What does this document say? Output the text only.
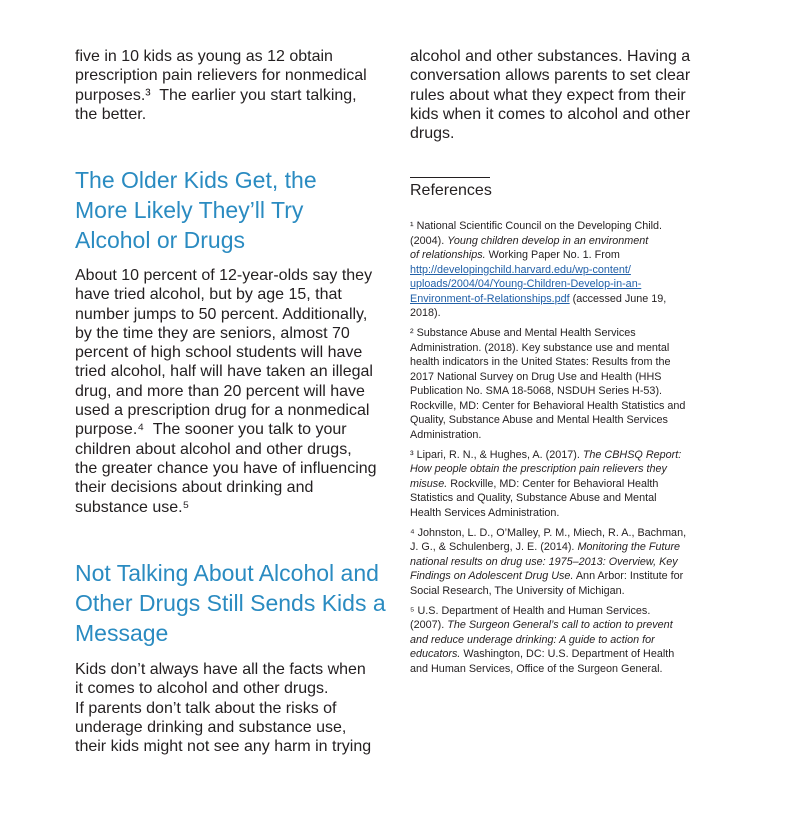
five in 10 kids as young as 12 obtain
prescription pain relievers for nonmedical
purposes.³  The earlier you start talking,
the better.
The Older Kids Get, the
More Likely They’ll Try
Alcohol or Drugs
About 10 percent of 12-year-olds say they
have tried alcohol, but by age 15, that
number jumps to 50 percent. Additionally,
by the time they are seniors, almost 70
percent of high school students will have
tried alcohol, half will have taken an illegal
drug, and more than 20 percent will have
used a prescription drug for a nonmedical
purpose.⁴  The sooner you talk to your
children about alcohol and other drugs,
the greater chance you have of influencing
their decisions about drinking and
substance use.⁵
Not Talking About Alcohol and
Other Drugs Still Sends Kids a
Message
Kids don’t always have all the facts when
it comes to alcohol and other drugs.
If parents don’t talk about the risks of
underage drinking and substance use,
their kids might not see any harm in trying
alcohol and other substances. Having a
conversation allows parents to set clear
rules about what they expect from their
kids when it comes to alcohol and other
drugs.
References
¹ National Scientific Council on the Developing Child.
(2004). Young children develop in an environment
of relationships. Working Paper No. 1. From
http://developingchild.harvard.edu/wp-content/
uploads/2004/04/Young-Children-Develop-in-an-
Environment-of-Relationships.pdf (accessed June 19,
2018).
² Substance Abuse and Mental Health Services
Administration. (2018). Key substance use and mental
health indicators in the United States: Results from the
2017 National Survey on Drug Use and Health (HHS
Publication No. SMA 18-5068, NSDUH Series H-53).
Rockville, MD: Center for Behavioral Health Statistics and
Quality, Substance Abuse and Mental Health Services
Administration.
³ Lipari, R. N., & Hughes, A. (2017). The CBHSQ Report:
How people obtain the prescription pain relievers they
misuse. Rockville, MD: Center for Behavioral Health
Statistics and Quality, Substance Abuse and Mental
Health Services Administration.
⁴ Johnston, L. D., O’Malley, P. M., Miech, R. A., Bachman,
J. G., & Schulenberg, J. E. (2014). Monitoring the Future
national results on drug use: 1975–2013: Overview, Key
Findings on Adolescent Drug Use. Ann Arbor: Institute for
Social Research, The University of Michigan.
⁵ U.S. Department of Health and Human Services.
(2007). The Surgeon General’s call to action to prevent
and reduce underage drinking: A guide to action for
educators. Washington, DC: U.S. Department of Health
and Human Services, Office of the Surgeon General.
